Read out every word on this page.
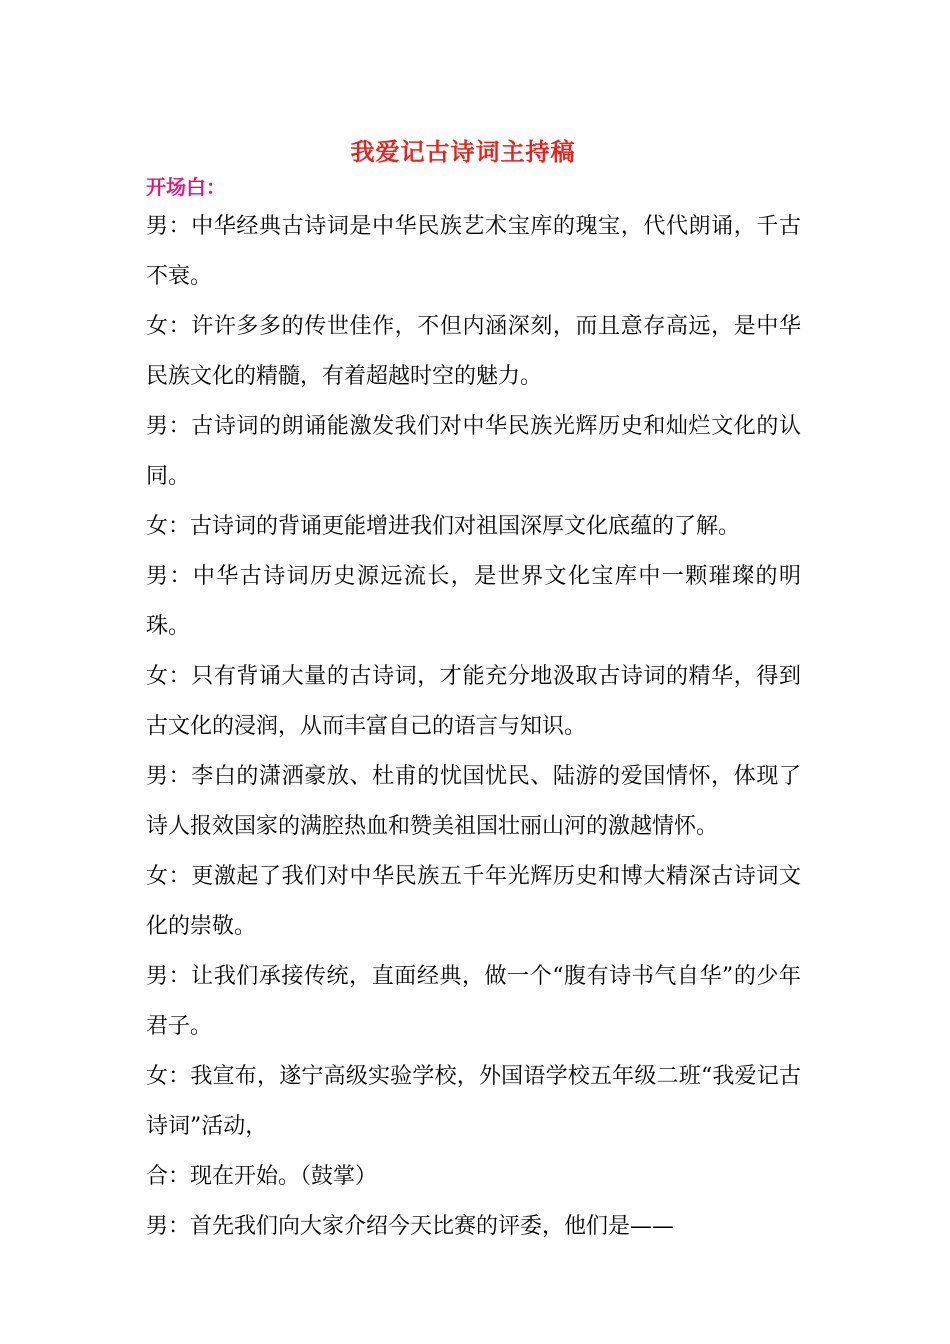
我爱记古诗词主持稿
开场白：

男：中华经典古诗词是中华民族艺术宝库的瑰宝，代代朗诵，千古不衰。

女：许许多多的传世佳作，不但内涵深刻，而且意存高远，是中华民族文化的精髓，有着超越时空的魅力。

男：古诗词的朗诵能激发我们对中华民族光辉历史和灿烂文化的认同。

女：古诗词的背诵更能增进我们对祖国深厚文化底蕴的了解。

男：中华古诗词历史源远流长，是世界文化宝库中一颗璀璨的明珠。

女：只有背诵大量的古诗词，才能充分地汲取古诗词的精华，得到古文化的浸润，从而丰富自己的语言与知识。

男：李白的潇洒豪放、杜甫的忧国忧民、陆游的爱国情怀，体现了诗人报效国家的满腔热血和赞美祖国壮丽山河的激越情怀。

女：更激起了我们对中华民族五千年光辉历史和博大精深古诗词文化的崇敬。

男：让我们承接传统，直面经典，做一个“腹有诗书气自华”的少年君子。

女：我宣布，遂宁高级实验学校，外国语学校五年级二班“我爱记古诗词”活动，

合：现在开始。（鼓掌）

男：首先我们向大家介绍今天比赛的评委，他们是——
